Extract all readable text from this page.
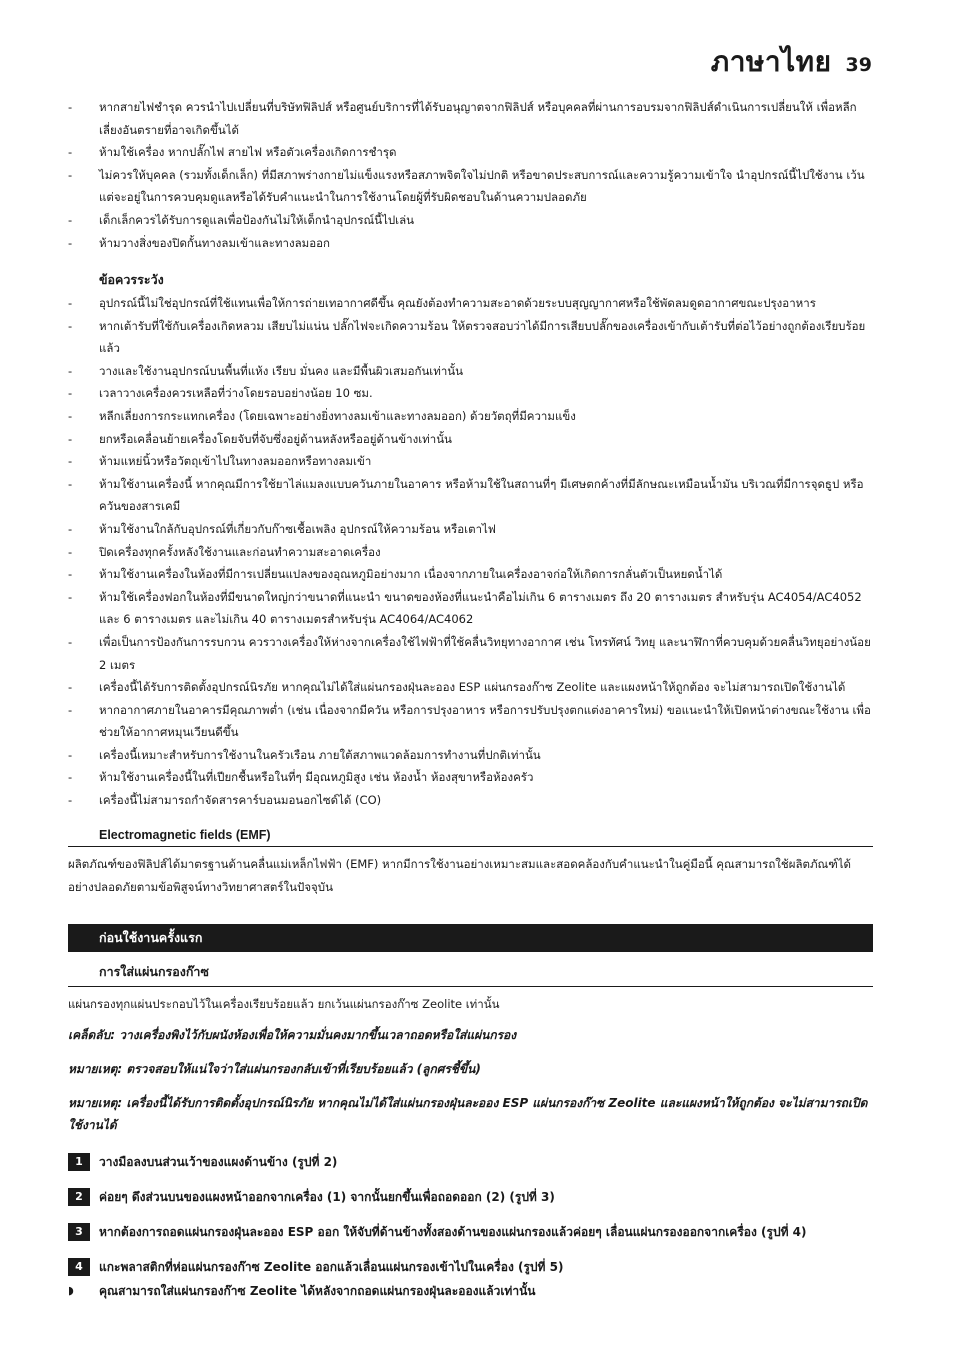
ภาษาไทย 39
- หากสายไฟชำรุด ควรนำไปเปลี่ยนที่บริษัทฟิลิปส์ หรือศูนย์บริการที่ได้รับอนุญาตจากฟิลิปส์ หรือบุคคลที่ผ่านการอบรมจากฟิลิปส์ดำเนินการเปลี่ยนให้ เพื่อหลีกเลี่ยงอันตรายที่อาจเกิดขึ้นได้
- ห้ามใช้เครื่อง หากปลั๊กไฟ สายไฟ หรือตัวเครื่องเกิดการชำรุด
- ไม่ควรให้บุคคล (รวมทั้งเด็กเล็ก) ที่มีสภาพร่างกายไม่แข็งแรงหรือสภาพจิตใจไม่ปกติ หรือขาดประสบการณ์และความรู้ความเข้าใจ นำอุปกรณ์นี้ไปใช้งาน เว้นแต่จะอยู่ในการควบคุมดูแลหรือได้รับคำแนะนำในการใช้งานโดยผู้ที่รับผิดชอบในด้านความปลอดภัย
- เด็กเล็กควรได้รับการดูแลเพื่อป้องกันไม่ให้เด็กนำอุปกรณ์นี้ไปเล่น
- ห้ามวางสิ่งของปิดกั้นทางลมเข้าและทางลมออก
ข้อควรระวัง
- อุปกรณ์นี้ไม่ใช่อุปกรณ์ที่ใช้แทนเพื่อให้การถ่ายเทอากาศดีขึ้น คุณยังต้องทำความสะอาดด้วยระบบสุญญากาศหรือใช้พัดลมดูดอากาศขณะปรุงอาหาร
- หากเต้ารับที่ใช้กับเครื่องเกิดหลวม เสียบไม่แน่น ปลั๊กไฟจะเกิดความร้อน ให้ตรวจสอบว่าได้มีการเสียบปลั๊กของเครื่องเข้ากับเต้ารับที่ต่อไว้อย่างถูกต้องเรียบร้อยแล้ว
- วางและใช้งานอุปกรณ์บนพื้นที่แห้ง เรียบ มั่นคง และมีพื้นผิวเสมอกันเท่านั้น
- เวลาวางเครื่องควรเหลือที่ว่างโดยรอบอย่างน้อย 10 ซม.
- หลีกเลี่ยงการกระแทกเครื่อง (โดยเฉพาะอย่างยิ่งทางลมเข้าและทางลมออก) ด้วยวัตถุที่มีความแข็ง
- ยกหรือเคลื่อนย้ายเครื่องโดยจับที่จับซึ่งอยู่ด้านหลังหรืออยู่ด้านข้างเท่านั้น
- ห้ามแหย่นิ้วหรือวัตถุเข้าไปในทางลมออกหรือทางลมเข้า
- ห้ามใช้งานเครื่องนี้ หากคุณมีการใช้ยาไล่แมลงแบบควันภายในอาคาร หรือห้ามใช้ในสถานที่ๆ มีเศษตกค้างที่มีลักษณะเหมือนน้ำมัน บริเวณที่มีการจุดธูป หรือควันของสารเคมี
- ห้ามใช้งานใกล้กับอุปกรณ์ที่เกี่ยวกับก๊าซเชื้อเพลิง อุปกรณ์ให้ความร้อน หรือเตาไฟ
- ปิดเครื่องทุกครั้งหลังใช้งานและก่อนทำความสะอาดเครื่อง
- ห้ามใช้งานเครื่องในห้องที่มีการเปลี่ยนแปลงของอุณหภูมิอย่างมาก เนื่องจากภายในเครื่องอาจก่อให้เกิดการกลั่นตัวเป็นหยดน้ำได้
- ห้ามใช้เครื่องฟอกในห้องที่มีขนาดใหญ่กว่าขนาดที่แนะนำ ขนาดของห้องที่แนะนำคือไม่เกิน 6 ตารางเมตร ถึง 20 ตารางเมตร สำหรับรุ่น AC4054/AC4052 และ 6 ตารางเมตร และไม่เกิน 40 ตารางเมตรสำหรับรุ่น AC4064/AC4062
- เพื่อเป็นการป้องกันการรบกวน ควรวางเครื่องให้ห่างจากเครื่องใช้ไฟฟ้าที่ใช้คลื่นวิทยุทางอากาศ เช่น โทรทัศน์ วิทยุ และนาฬิกาที่ควบคุมด้วยคลื่นวิทยุอย่างน้อย 2 เมตร
- เครื่องนี้ได้รับการติดตั้งอุปกรณ์นิรภัย หากคุณไม่ได้ใส่แผ่นกรองฝุ่นละออง ESP แผ่นกรองก๊าซ Zeolite และแผงหน้าให้ถูกต้อง จะไม่สามารถเปิดใช้งานได้
- หากอากาศภายในอาคารมีคุณภาพต่ำ (เช่น เนื่องจากมีควัน หรือการปรุงอาหาร หรือการปรับปรุงตกแต่งอาคารใหม่) ขอแนะนำให้เปิดหน้าต่างขณะใช้งาน เพื่อช่วยให้อากาศหมุนเวียนดีขึ้น
- เครื่องนี้เหมาะสำหรับการใช้งานในครัวเรือน ภายใต้สภาพแวดล้อมการทำงานที่ปกติเท่านั้น
- ห้ามใช้งานเครื่องนี้ในที่เปียกชื้นหรือในที่ๆ มีอุณหภูมิสูง เช่น ห้องน้ำ ห้องสุขาหรือห้องครัว
- เครื่องนี้ไม่สามารถกำจัดสารคาร์บอนมอนอกไซด์ได้ (CO)
Electromagnetic fields (EMF)

ผลิตภัณฑ์ของฟิลิปส์ได้มาตรฐานด้านคลื่นแม่เหล็กไฟฟ้า (EMF) หากมีการใช้งานอย่างเหมาะสมและสอดคล้องกับคำแนะนำในคู่มือนี้ คุณสามารถใช้ผลิตภัณฑ์ได้อย่างปลอดภัยตามข้อพิสูจน์ทางวิทยาศาสตร์ในปัจจุบัน

ก่อนใช้งานครั้งแรก
การใส่แผ่นกรองก๊าซ

แผ่นกรองทุกแผ่นประกอบไว้ในเครื่องเรียบร้อยแล้ว ยกเว้นแผ่นกรองก๊าซ Zeolite เท่านั้น

เคล็ดลับ: วางเครื่องพิงไว้กับผนังห้องเพื่อให้ความมั่นคงมากขึ้นเวลาถอดหรือใส่แผ่นกรอง

หมายเหตุ: ตรวจสอบให้แน่ใจว่าใส่แผ่นกรองกลับเข้าที่เรียบร้อยแล้ว (ลูกศรชี้ขึ้น)

หมายเหตุ: เครื่องนี้ได้รับการติดตั้งอุปกรณ์นิรภัย หากคุณไม่ได้ใส่แผ่นกรองฝุ่นละออง ESP แผ่นกรองก๊าซ Zeolite และแผงหน้าให้ถูกต้อง จะไม่สามารถเปิดใช้งานได้

1	วางมือลงบนส่วนเว้าของแผงด้านข้าง (รูปที่ 2)
2	ค่อยๆ ดึงส่วนบนของแผงหน้าออกจากเครื่อง (1) จากนั้นยกขึ้นเพื่อถอดออก (2) (รูปที่ 3)
3	หากต้องการถอดแผ่นกรองฝุ่นละออง ESP ออก ให้จับที่ด้านข้างทั้งสองด้านของแผ่นกรองแล้วค่อยๆ เลื่อนแผ่นกรองออกจากเครื่อง (รูปที่ 4)
4	แกะพลาสติกที่ห่อแผ่นกรองก๊าซ Zeolite ออกแล้วเลื่อนแผ่นกรองเข้าไปในเครื่อง (รูปที่ 5)
◗ คุณสามารถใส่แผ่นกรองก๊าซ Zeolite ได้หลังจากถอดแผ่นกรองฝุ่นละอองแล้วเท่านั้น
